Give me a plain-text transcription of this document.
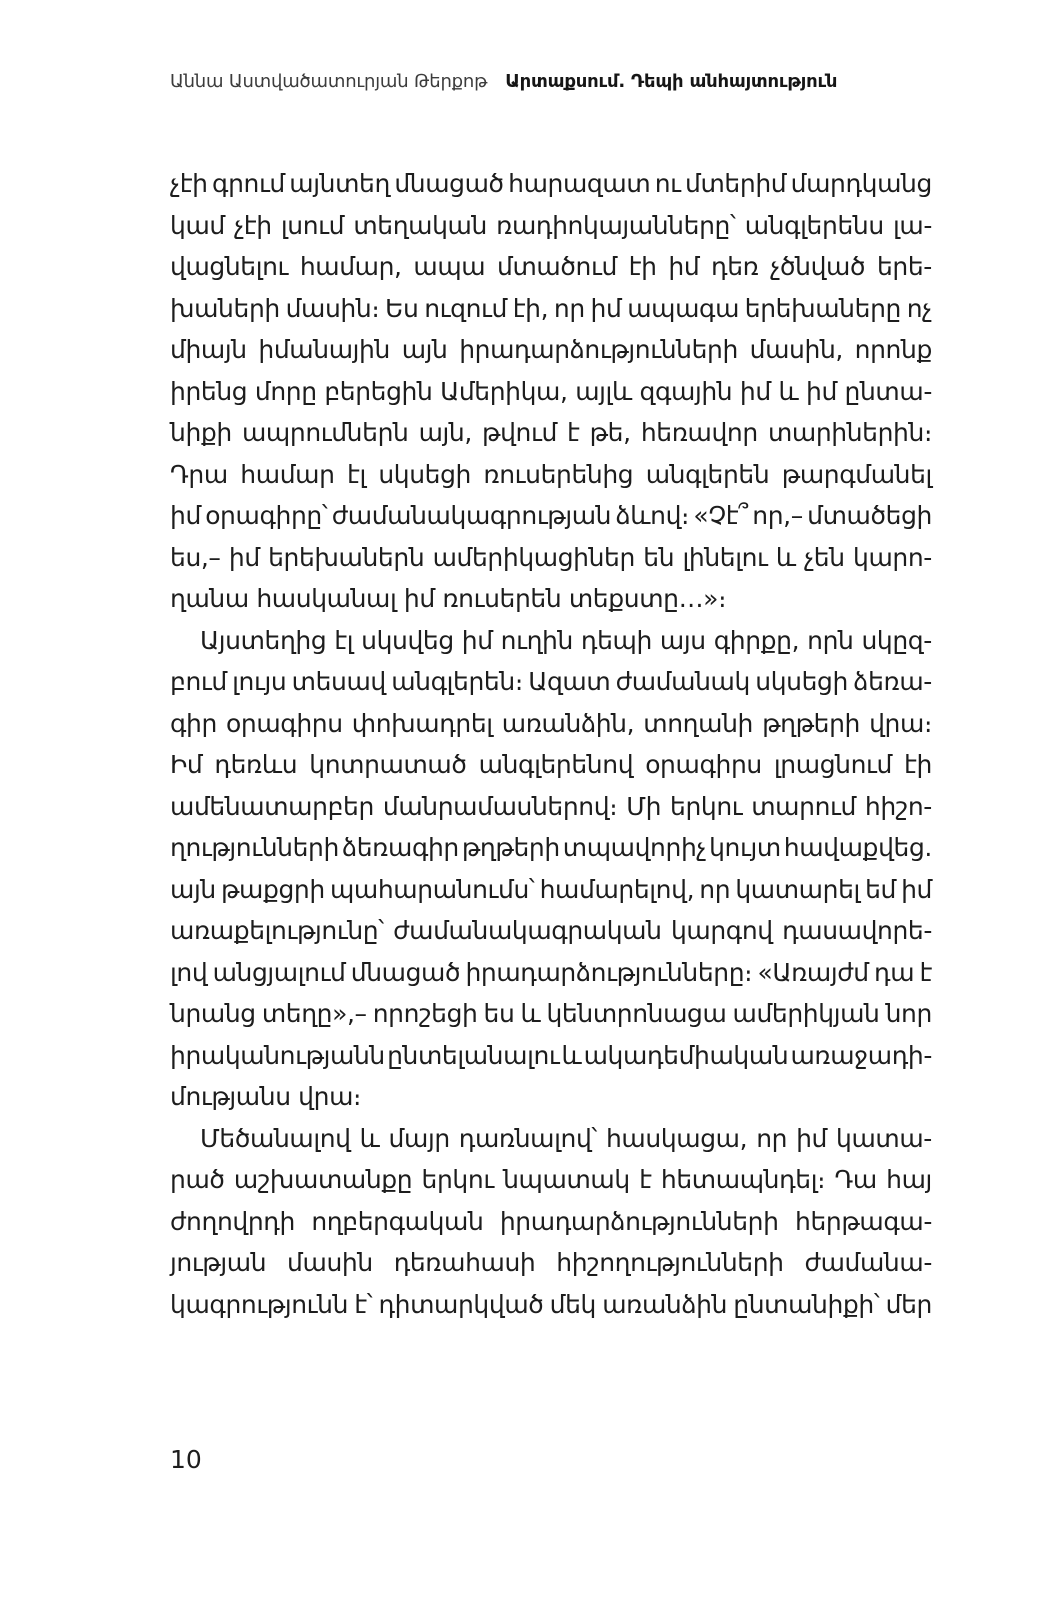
Աննա Աստվածատուրյան Թերքոթ Արտաքսում. Դեպի անհայտություն
չէի գրում այնտեղ մնացած հարազատ ու մտերիմ մարդկանց
կամ չէի լսում տեղական ռադիոկայանները՝ անգլերենս լա-
վացնելու համար, ապա մտածում էի իմ դեռ չծնված երե-
խաների մասին։ Ես ուզում էի, որ իմ ապագա երեխաները ոչ
միայն իմանային այն իրադարձությունների մասին, որոնք
իրենց մորը բերեցին Ամերիկա, այլև զգային իմ և իմ ընտա-
նիքի ապրումներն այն, թվում է թե, հեռավոր տարիներին։
Դրա համար էլ սկսեցի ռուսերենից անգլերեն թարգմանել
իմ օրագիրը՝ ժամանակագրության ձևով։ «Չէ՞ որ,– մտածեցի
ես,– իմ երեխաներն ամերիկացիներ են լինելու և չեն կարո-
ղանա հասկանալ իմ ռուսերեն տեքստը…»։
Այստեղից էլ սկսվեց իմ ուղին դեպի այս գիրքը, որն սկըզ-
բում լույս տեսավ անգլերեն։ Ազատ ժամանակ սկսեցի ձեռա-
գիր օրագիրս փոխադրել առանձին, տողանի թղթերի վրա։
Իմ դեռևս կոտրատած անգլերենով օրագիրս լրացնում էի
ամենատարբեր մանրամասներով։ Մի երկու տարում հիշո-
ղությունների ձեռագիր թղթերի տպավորիչ կույտ հավաքվեց.
այն թաքցրի պահարանումս՝ համարելով, որ կատարել եմ իմ
առաքելությունը՝ ժամանակագրական կարգով դասավորե-
լով անցյալում մնացած իրադարձությունները։ «Առայժմ դա է
նրանց տեղը»,– որոշեցի ես և կենտրոնացա ամերիկյան նոր
իրականությանն ընտելանալու և ակադեմիական առաջադի-
մությանս վրա։
Մեծանալով և մայր դառնալով՝ հասկացա, որ իմ կատա-
րած աշխատանքը երկու նպատակ է հետապնդել։ Դա հայ
ժողովրդի ողբերգական իրադարձությունների հերթագա-
յության մասին դեռահասի հիշողությունների ժամանա-
կագրությունն է՝ դիտարկված մեկ առանձին ընտանիքի՝ մեր
10
